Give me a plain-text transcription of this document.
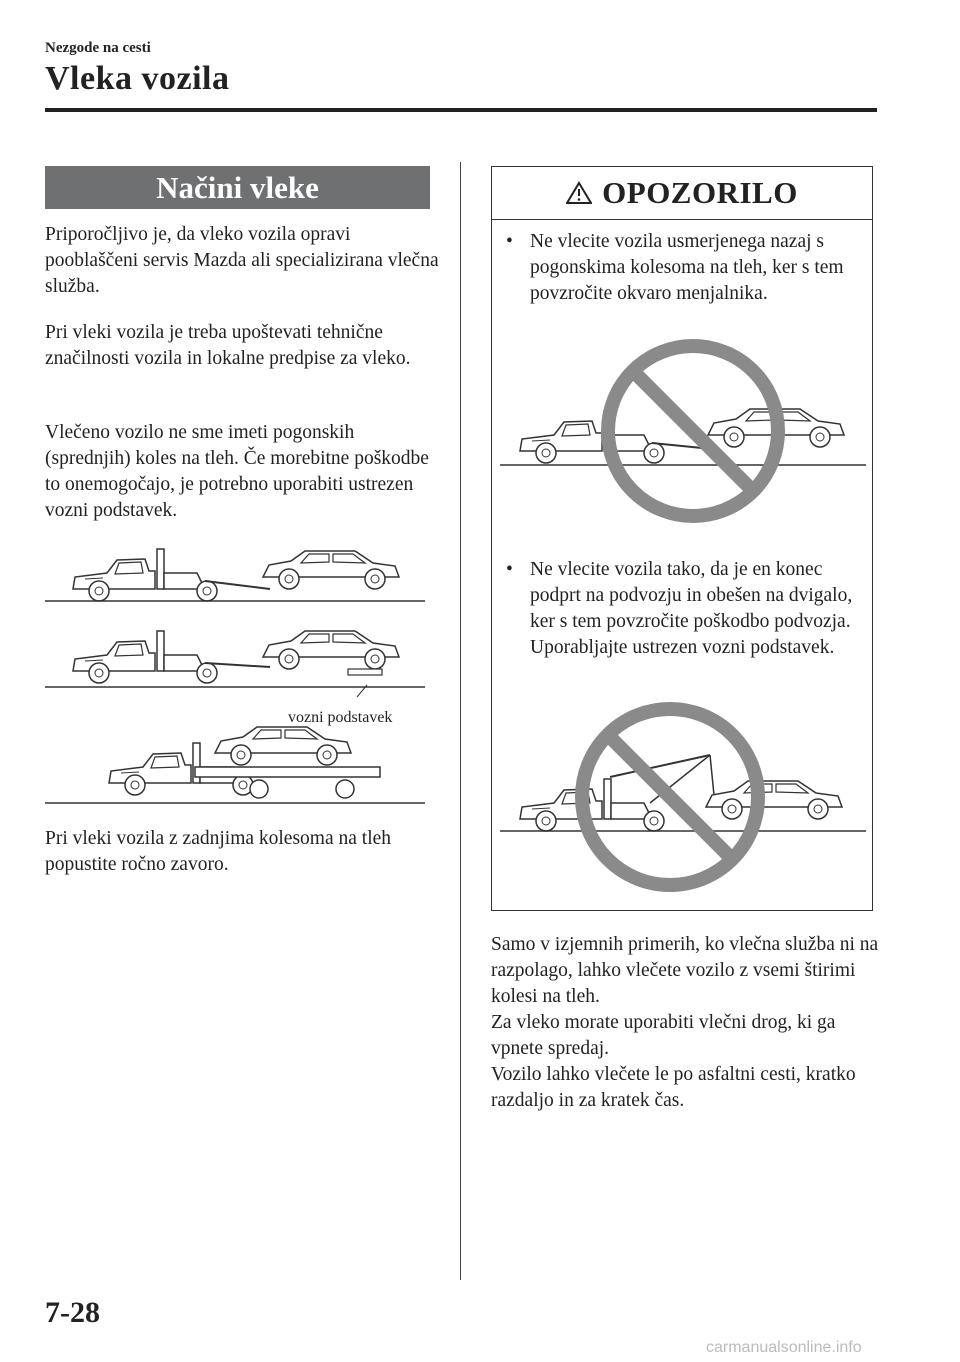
Nezgode na cesti
Vleka vozila
Načini vleke

Priporočljivo je, da vleko vozila opravi pooblaščeni servis Mazda ali specializirana vlečna služba.

Pri vleki vozila je treba upoštevati tehnične značilnosti vozila in lokalne predpise za vleko.

Vlečeno vozilo ne sme imeti pogonskih (sprednjih) koles na tleh. Če morebitne poškodbe to onemogočajo, je potrebno uporabiti ustrezen vozni podstavek.

vozni podstavek

Pri vleki vozila z zadnjima kolesoma na tleh popustite ročno zavoro.

OPOZORILO
• Ne vlecite vozila usmerjenega nazaj s pogonskima kolesoma na tleh, ker s tem povzročite okvaro menjalnika.
• Ne vlecite vozila tako, da je en konec podprt na podvozju in obešen na dvigalo, ker s tem povzročite poškodbo podvozja. Uporabljajte ustrezen vozni podstavek.

Samo v izjemnih primerih, ko vlečna služba ni na razpolago, lahko vlečete vozilo z vsemi štirimi kolesi na tleh.

Za vleko morate uporabiti vlečni drog, ki ga vpnete spredaj.

Vozilo lahko vlečete le po asfaltni cesti, kratko razdaljo in za kratek čas.

7-28
carmanualsonline.info
